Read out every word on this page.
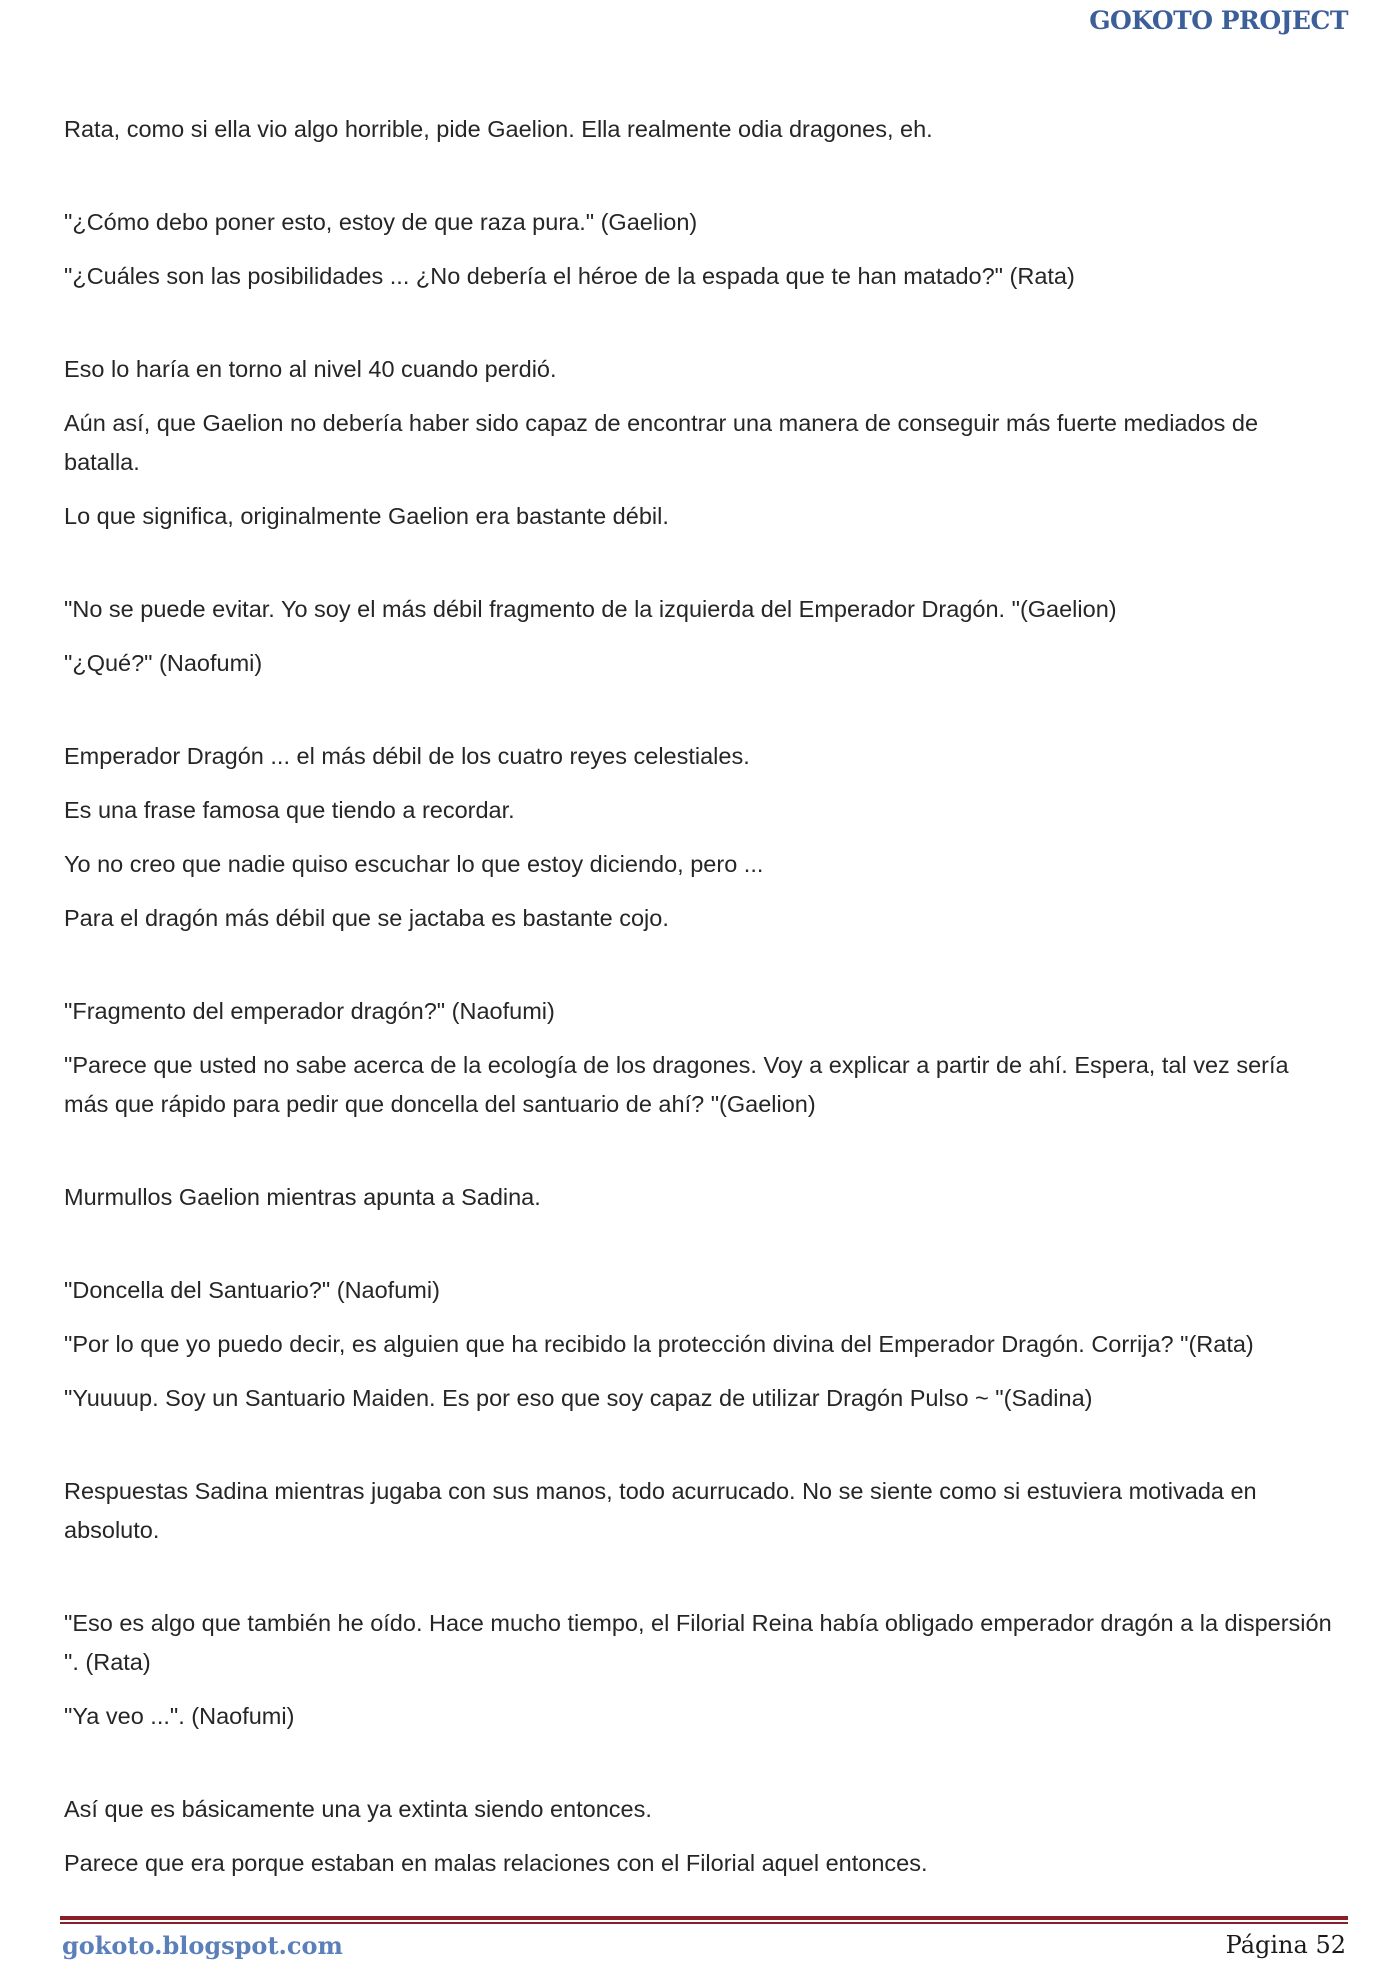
GOKOTO PROJECT

Rata, como si ella vio algo horrible, pide Gaelion. Ella realmente odia dragones, eh.

"¿Cómo debo poner esto, estoy de que raza pura." (Gaelion)

"¿Cuáles son las posibilidades ... ¿No debería el héroe de la espada que te han matado?" (Rata)

Eso lo haría en torno al nivel 40 cuando perdió.

Aún así, que Gaelion no debería haber sido capaz de encontrar una manera de conseguir más fuerte mediados de batalla.

Lo que significa, originalmente Gaelion era bastante débil.

"No se puede evitar. Yo soy el más débil fragmento de la izquierda del Emperador Dragón. "(Gaelion)

"¿Qué?" (Naofumi)

Emperador Dragón ... el más débil de los cuatro reyes celestiales.

Es una frase famosa que tiendo a recordar.

Yo no creo que nadie quiso escuchar lo que estoy diciendo, pero ...

Para el dragón más débil que se jactaba es bastante cojo.

"Fragmento del emperador dragón?" (Naofumi)

"Parece que usted no sabe acerca de la ecología de los dragones. Voy a explicar a partir de ahí. Espera, tal vez sería más que rápido para pedir que doncella del santuario de ahí? "(Gaelion)

Murmullos Gaelion mientras apunta a Sadina.

"Doncella del Santuario?" (Naofumi)

"Por lo que yo puedo decir, es alguien que ha recibido la protección divina del Emperador Dragón. Corrija? "(Rata)

"Yuuuup. Soy un Santuario Maiden. Es por eso que soy capaz de utilizar Dragón Pulso ~ "(Sadina)

Respuestas Sadina mientras jugaba con sus manos, todo acurrucado. No se siente como si estuviera motivada en absoluto.

"Eso es algo que también he oído. Hace mucho tiempo, el Filorial Reina había obligado emperador dragón a la dispersión ". (Rata)

"Ya veo ...". (Naofumi)

Así que es básicamente una ya extinta siendo entonces.

Parece que era porque estaban en malas relaciones con el Filorial aquel entonces.

gokoto.blogspot.com	Página 52
